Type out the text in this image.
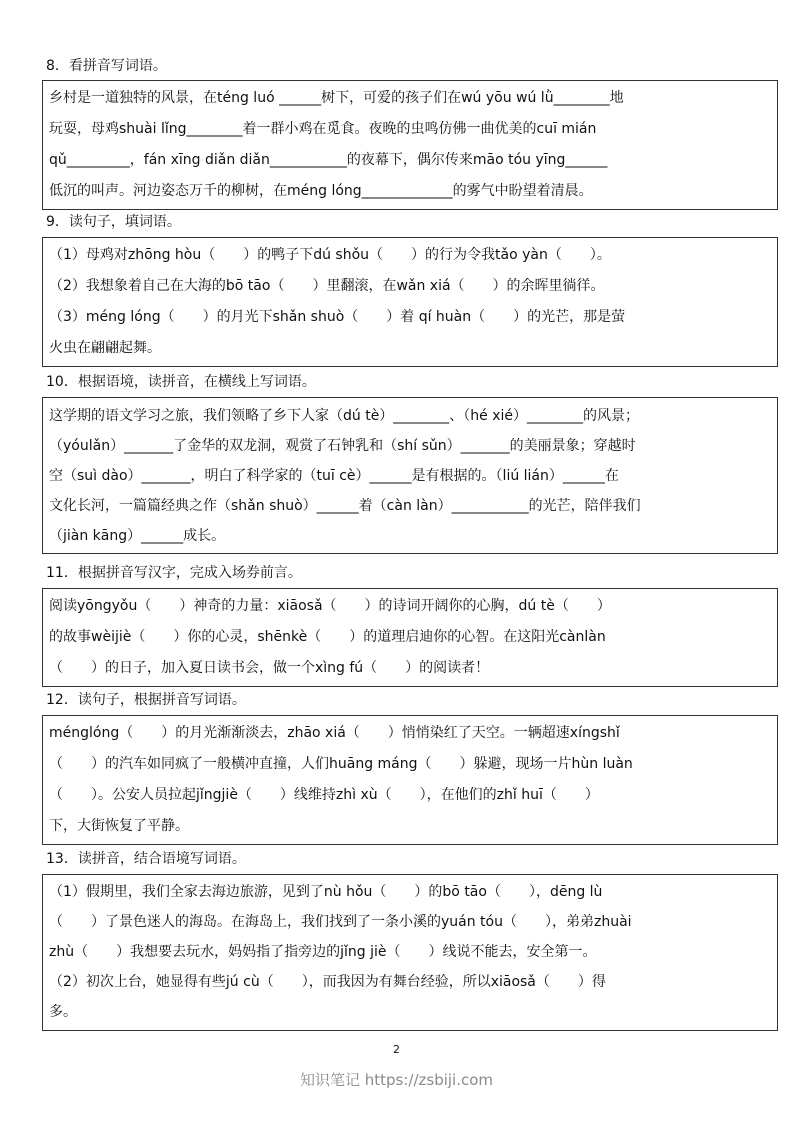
8．看拼音写词语。
乡村是一道独特的风景，在téng luó ______树下，可爱的孩子们在wú yōu wú lǜ________地
玩耍，母鸡shuài lǐng________着一群小鸡在觅食。夜晚的虫鸣仿佛一曲优美的cuī mián
qǔ_________，fán xīng diǎn diǎn___________的夜幕下，偶尔传来māo tóu yīng______
低沉的叫声。河边姿态万千的柳树，在méng lóng_____________的雾气中盼望着清晨。
9．读句子，填词语。
（1）母鸡对zhōng hòu（　　）的鸭子下dú shǒu（　　）的行为令我tǎo yàn（　　）。
（2）我想象着自己在大海的bō tāo（　　）里翻滚，在wǎn xiá（　　）的余晖里徜徉。
（3）méng lóng（　　）的月光下shǎn shuò（　　）着 qí huàn（　　）的光芒，那是萤
火虫在翩翩起舞。
10．根据语境，读拼音，在横线上写词语。
这学期的语文学习之旅，我们领略了乡下人家（dú tè）________、（hé xié）________的风景；
（yóulǎn）_______了金华的双龙洞，观赏了石钟乳和（shí sǔn）_______的美丽景象；穿越时
空（suì dào）_______，明白了科学家的（tuī cè）______是有根据的。（liú lián）______在
文化长河，一篇篇经典之作（shǎn shuò）______着（càn làn）___________的光芒，陪伴我们
（jiàn kāng）______成长。
11．根据拼音写汉字，完成入场券前言。
阅读yōngyǒu（　　）神奇的力量：xiāosǎ（　　）的诗词开阔你的心胸，dú tè（　　）
的故事wèijiè（　　）你的心灵，shēnkè（　　）的道理启迪你的心智。在这阳光cànlàn
（　　）的日子，加入夏日读书会，做一个xìng fú（　　）的阅读者！
12．读句子，根据拼音写词语。
ménglóng（　　）的月光渐渐淡去，zhāo xiá（　　）悄悄染红了天空。一辆超速xíngshǐ
（　　）的汽车如同疯了一般横冲直撞，人们huāng máng（　　）躲避，现场一片hùn luàn
（　　）。公安人员拉起jǐngjiè（　　）线维持zhì xù（　　），在他们的zhǐ huī（　　）
下，大街恢复了平静。
13．读拼音，结合语境写词语。
（1）假期里，我们全家去海边旅游，见到了nù hǒu（　　）的bō tāo（　　），dēng lù
（　　）了景色迷人的海岛。在海岛上，我们找到了一条小溪的yuán tóu（　　），弟弟zhuài
zhù（　　）我想要去玩水，妈妈指了指旁边的jǐng jiè（　　）线说不能去，安全第一。
（2）初次上台，她显得有些jú cù（　　），而我因为有舞台经验，所以xiāosǎ（　　）得
多。
2
知识笔记 https://zsbiji.com
